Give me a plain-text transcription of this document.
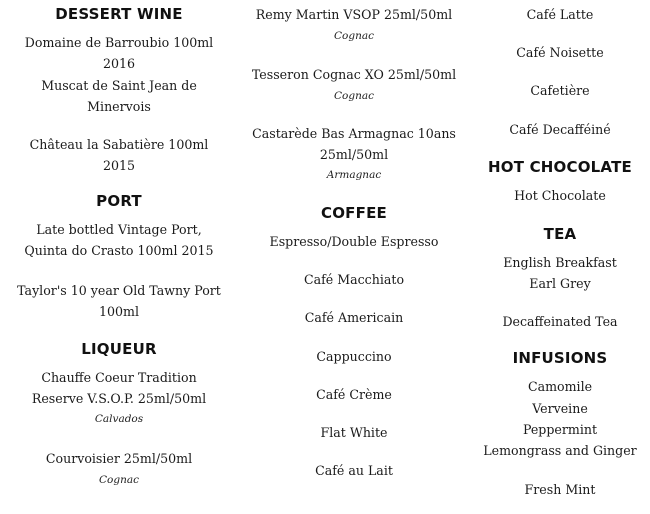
DESSERT WINE
Domaine de Barroubio 100ml
2016
Muscat de Saint Jean de
Minervois
Château la Sabatière 100ml
2015
PORT
Late bottled Vintage Port,
Quinta do Crasto 100ml 2015
Taylor's 10 year Old Tawny Port
100ml
LIQUEUR
Chauffe Coeur Tradition
Reserve V.S.O.P. 25ml/50ml
Calvados
Courvoisier 25ml/50ml
Cognac
Remy Martin VSOP 25ml/50ml
Cognac
Tesseron Cognac XO 25ml/50ml
Cognac
Castarède Bas Armagnac 10ans
25ml/50ml
Armagnac
COFFEE
Espresso/Double Espresso
Café Macchiato
Café Americain
Cappuccino
Café Crème
Flat White
Café au Lait
Café Latte
Café Noisette
Cafetière
Café Decafféiné
HOT CHOCOLATE
Hot Chocolate
TEA
English Breakfast
Earl Grey
Decaffeinated Tea
INFUSIONS
Camomile
Verveine
Peppermint
Lemongrass and Ginger
Fresh Mint
